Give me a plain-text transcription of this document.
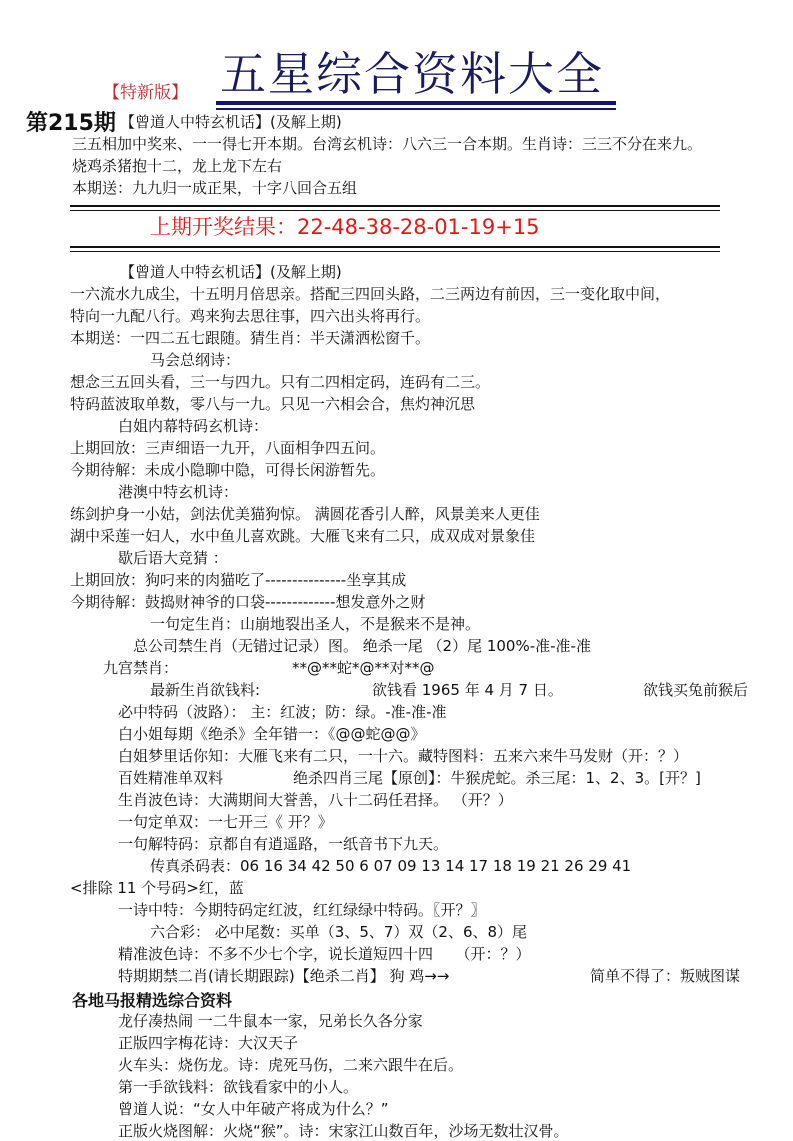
【特新版】 五星综合资料大全
第215期 【曾道人中特玄机话】(及解上期)
三五相加中奖来、一一得七开本期。台湾玄机诗：八六三一合本期。生肖诗：三三不分在来九。
烧鸡杀猪抱十二，龙上龙下左右
本期送：九九归一成正果，十字八回合五组
上期开奖结果：22-48-38-28-01-19+15
【曾道人中特玄机话】(及解上期)
一六流水九成尘，十五明月倍思亲。搭配三四回头路，二三两边有前因，三一变化取中间，
特向一九配八行。鸡来狗去思往事，四六出头将再行。
本期送：一四二五七跟随。猜生肖：半天潇洒松窗千。
马会总纲诗：
想念三五回头看，三一与四九。只有二四相定码，连码有二三。
特码蓝波取单数，零八与一九。只见一六相会合，焦灼神沉思
白姐内幕特码玄机诗：
上期回放：三声细语一九开，八面相争四五问。
今期待解：未成小隐聊中隐，可得长闲游暂先。
港澳中特玄机诗：
练剑护身一小姑，剑法优美猫狗惊。 满圆花香引人醉，风景美来人更佳
湖中采莲一妇人，水中鱼儿喜欢跳。大雁飞来有二只，成双成对景象佳
歇后语大竞猜 ：
上期回放：狗叼来的肉猫吃了---------------坐享其成
今期待解：鼓捣财神爷的口袋-------------想发意外之财
一句定生肖：山崩地裂出圣人，不是猴来不是神。
总公司禁生肖（无错过记录）图。 绝杀一尾 （2）尾 100%-准-准-准
九宫禁肖：	**@**蛇*@**对**@
最新生肖欲钱料:	欲钱看 1965 年 4 月 7 日。	欲钱买兔前猴后
必中特码（波路）： 主：红波；防：绿。-准-准-准
白小姐每期《绝杀》全年错一：《@@蛇@@》
白姐梦里话你知：大雁飞来有二只，一十六。藏特图料：五来六来牛马发财（开：？）
百姓精准单双料	绝杀四肖三尾【原创】：牛猴虎蛇。杀三尾：1、2、3。[开？]
生肖波色诗：大满期间大誉善，八十二码任君择。 （开？）
一句定单双：一七开三《 开？》
一句解特码：京都自有逍遥路，一纸音书下九天。
传真杀码表：06 16 34 42 50 6 07 09 13 14 17 18 19 21 26 29 41
<排除 11 个号码>红，蓝
一诗中特：今期特码定红波，红红绿绿中特码。〖开？〗
六合彩： 必中尾数：买单（3、5、7）双（2、6、8）尾
精准波色诗：不多不少七个字，说长道短四十四　　（开：？）
特期期禁二肖(请长期跟踪)【绝杀二肖】 狗 鸡→→	简单不得了：叛贼图谋
各地马报精选综合资料
龙仔凑热闹 一二牛鼠本一家，兄弟长久各分家
正版四字梅花诗：大汉天子
火车头：烧伤龙。诗：虎死马伤，二来六跟牛在后。
第一手欲钱料：欲钱看家中的小人。
曾道人说：“女人中年破产将成为什么？”
正版火烧图解：火烧“猴”。诗：宋家江山数百年，沙场无数壮汉骨。
